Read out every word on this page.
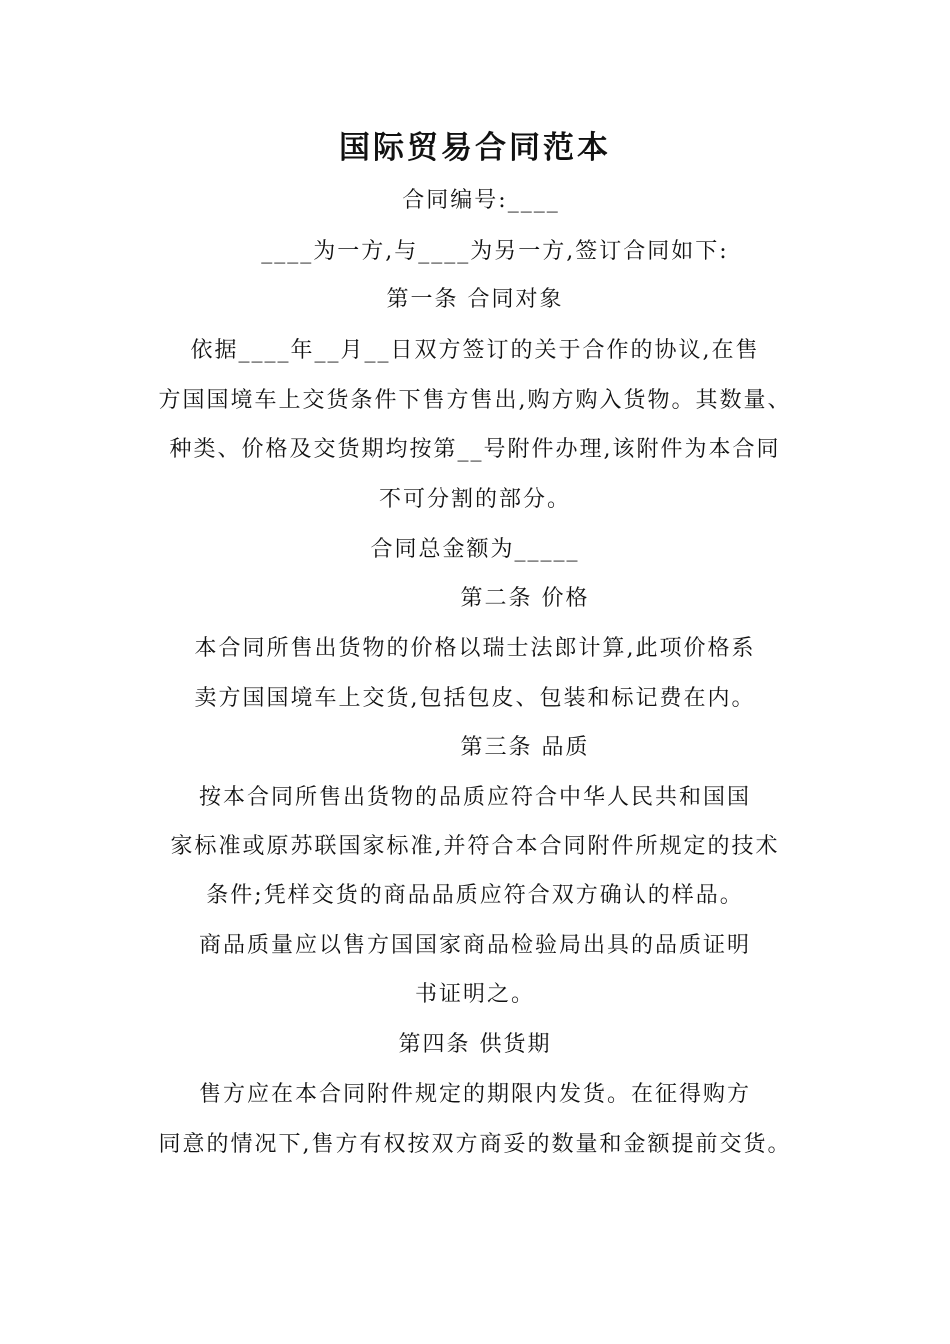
国际贸易合同范本
合同编号:____
____为一方,与____为另一方,签订合同如下:
第一条 合同对象
依据____年__月__日双方签订的关于合作的协议,在售
方国国境车上交货条件下售方售出,购方购入货物。其数量、
种类、价格及交货期均按第__号附件办理,该附件为本合同
不可分割的部分。
合同总金额为_____
第二条 价格
本合同所售出货物的价格以瑞士法郎计算,此项价格系
卖方国国境车上交货,包括包皮、包装和标记费在内。
第三条 品质
按本合同所售出货物的品质应符合中华人民共和国国
家标准或原苏联国家标准,并符合本合同附件所规定的技术
条件;凭样交货的商品品质应符合双方确认的样品。
商品质量应以售方国国家商品检验局出具的品质证明
书证明之。
第四条 供货期
售方应在本合同附件规定的期限内发货。在征得购方
同意的情况下,售方有权按双方商妥的数量和金额提前交货。
